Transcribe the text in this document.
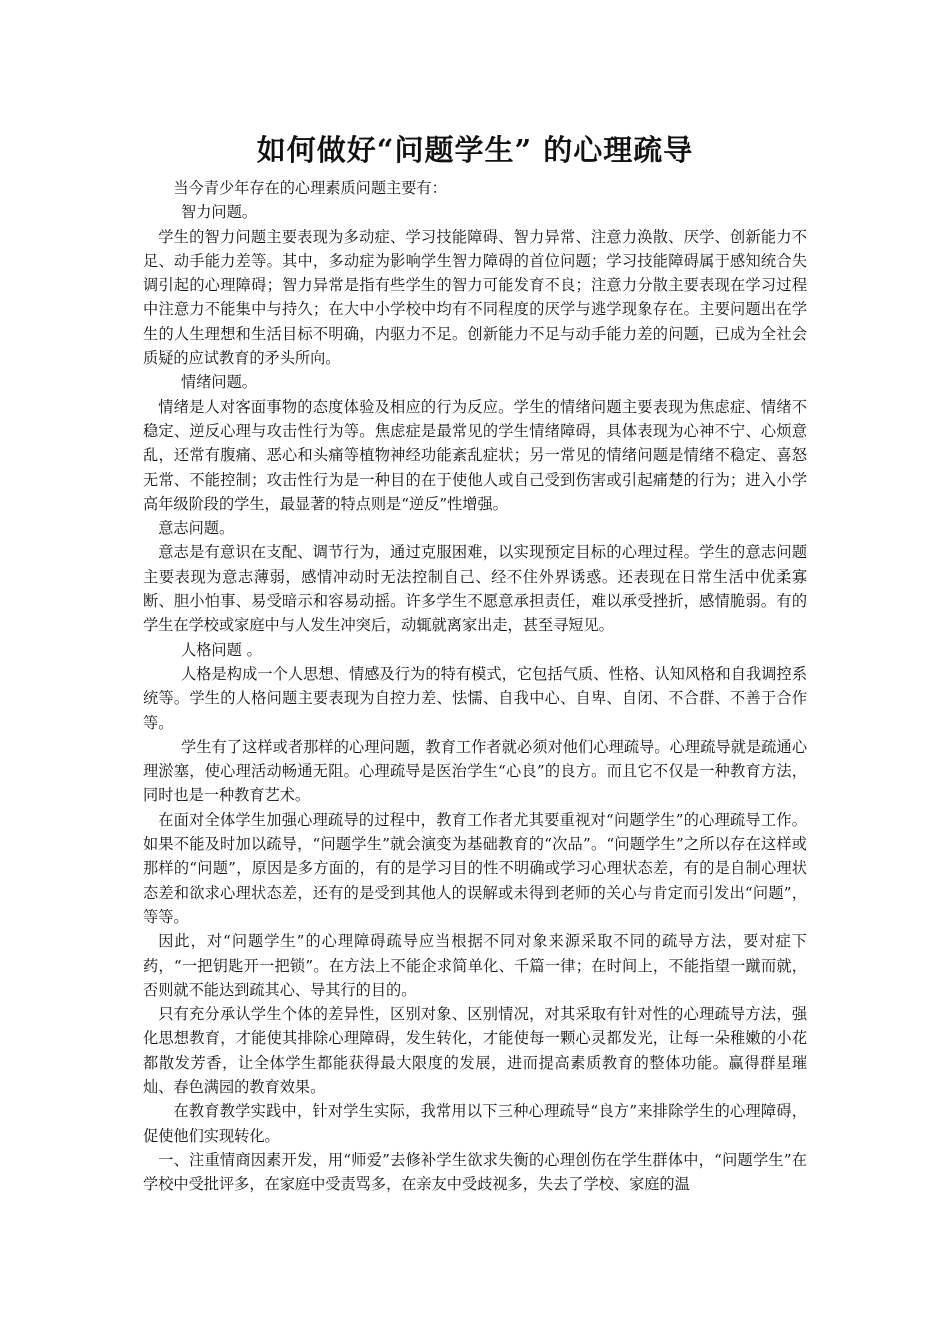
如何做好“问题学生” 的心理疏导

当今青少年存在的心理素质问题主要有：

智力问题。

学生的智力问题主要表现为多动症、学习技能障碍、智力异常、注意力涣散、厌学、创新能力不足、动手能力差等。其中，多动症为影响学生智力障碍的首位问题；学习技能障碍属于感知统合失调引起的心理障碍；智力异常是指有些学生的智力可能发育不良；注意力分散主要表现在学习过程中注意力不能集中与持久；在大中小学校中均有不同程度的厌学与逃学现象存在。主要问题出在学生的人生理想和生活目标不明确，内驱力不足。创新能力不足与动手能力差的问题，已成为全社会质疑的应试教育的矛头所向。

情绪问题。

情绪是人对客面事物的态度体验及相应的行为反应。学生的情绪问题主要表现为焦虑症、情绪不稳定、逆反心理与攻击性行为等。焦虑症是最常见的学生情绪障碍，具体表现为心神不宁、心烦意乱，还常有腹痛、恶心和头痛等植物神经功能紊乱症状；另一常见的情绪问题是情绪不稳定、喜怒无常、不能控制；攻击性行为是一种目的在于使他人或自己受到伤害或引起痛楚的行为；进入小学高年级阶段的学生，最显著的特点则是“逆反”性增强。

意志问题。

意志是有意识在支配、调节行为，通过克服困难，以实现预定目标的心理过程。学生的意志问题主要表现为意志薄弱，感情冲动时无法控制自己、经不住外界诱惑。还表现在日常生活中优柔寡断、胆小怕事、易受暗示和容易动摇。许多学生不愿意承担责任，难以承受挫折，感情脆弱。有的学生在学校或家庭中与人发生冲突后，动辄就离家出走，甚至寻短见。

人格问题 。

人格是构成一个人思想、情感及行为的特有模式，它包括气质、性格、认知风格和自我调控系统等。学生的人格问题主要表现为自控力差、怯懦、自我中心、自卑、自闭、不合群、不善于合作等。

学生有了这样或者那样的心理问题，教育工作者就必须对他们心理疏导。心理疏导就是疏通心理淤塞，使心理活动畅通无阻。心理疏导是医治学生“心良”的良方。而且它不仅是一种教育方法，同时也是一种教育艺术。

在面对全体学生加强心理疏导的过程中，教育工作者尤其要重视对“问题学生”的心理疏导工作。如果不能及时加以疏导，“问题学生”就会演变为基础教育的“次品”。“问题学生”之所以存在这样或那样的“问题”，原因是多方面的，有的是学习目的性不明确或学习心理状态差，有的是自制心理状态差和欲求心理状态差，还有的是受到其他人的误解或未得到老师的关心与肯定而引发出“问题”，等等。

因此，对“问题学生”的心理障碍疏导应当根据不同对象来源采取不同的疏导方法，要对症下药，“一把钥匙开一把锁”。在方法上不能企求简单化、千篇一律；在时间上，不能指望一蹴而就，否则就不能达到疏其心、导其行的目的。

只有充分承认学生个体的差异性，区别对象、区别情况，对其采取有针对性的心理疏导方法，强化思想教育，才能使其排除心理障碍，发生转化，才能使每一颗心灵都发光，让每一朵稚嫩的小花都散发芳香，让全体学生都能获得最大限度的发展，进而提高素质教育的整体功能。赢得群星璀灿、春色满园的教育效果。

在教育教学实践中，针对学生实际，我常用以下三种心理疏导“良方”来排除学生的心理障碍，促使他们实现转化。

一、注重情商因素开发，用“师爱”去修补学生欲求失衡的心理创伤在学生群体中，“问题学生”在学校中受批评多，在家庭中受责骂多，在亲友中受歧视多，失去了学校、家庭的温
